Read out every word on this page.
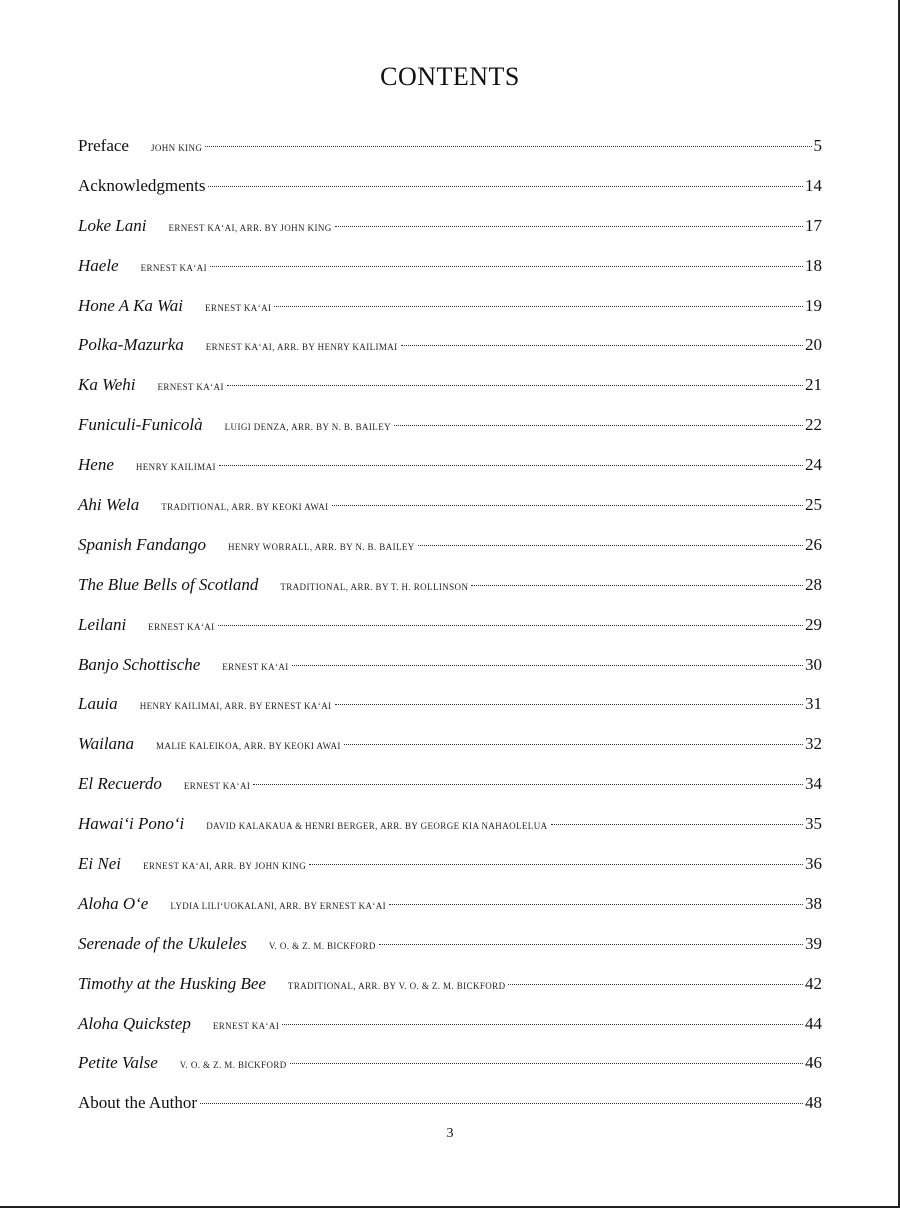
CONTENTS
Preface JOHN KING	5
Acknowledgments	14
Loke Lani ERNEST KA‘AI, ARR. BY JOHN KING	17
Haele ERNEST KA‘AI	18
Hone A Ka Wai ERNEST KA‘AI	19
Polka-Mazurka ERNEST KA‘AI, ARR. BY HENRY KAILIMAI	20
Ka Wehi ERNEST KA‘AI	21
Funiculi-Funicolà LUIGI DENZA, ARR. BY N. B. BAILEY	22
Hene HENRY KAILIMAI	24
Ahi Wela TRADITIONAL, ARR. BY KEOKI AWAI	25
Spanish Fandango HENRY WORRALL, ARR. BY N. B. BAILEY	26
The Blue Bells of Scotland TRADITIONAL, ARR. BY T. H. ROLLINSON	28
Leilani ERNEST KA‘AI	29
Banjo Schottische ERNEST KA‘AI	30
Lauia HENRY KAILIMAI, ARR. BY ERNEST KA‘AI	31
Wailana MALIE KALEIKOA, ARR. BY KEOKI AWAI	32
El Recuerdo ERNEST KA‘AI	34
Hawai‘i Pono‘i DAVID KALAKAUA & HENRI BERGER, ARR. BY GEORGE KIA NAHAOLELUA	35
Ei Nei ERNEST KA‘AI, ARR. BY JOHN KING	36
Aloha O‘e LYDIA LILI‘UOKALANI, ARR. BY ERNEST KA‘AI	38
Serenade of the Ukuleles V. O. & Z. M. BICKFORD	39
Timothy at the Husking Bee TRADITIONAL, ARR. BY V. O. & Z. M. BICKFORD	42
Aloha Quickstep ERNEST KA‘AI	44
Petite Valse V. O. & Z. M. BICKFORD	46
About the Author	48
3
